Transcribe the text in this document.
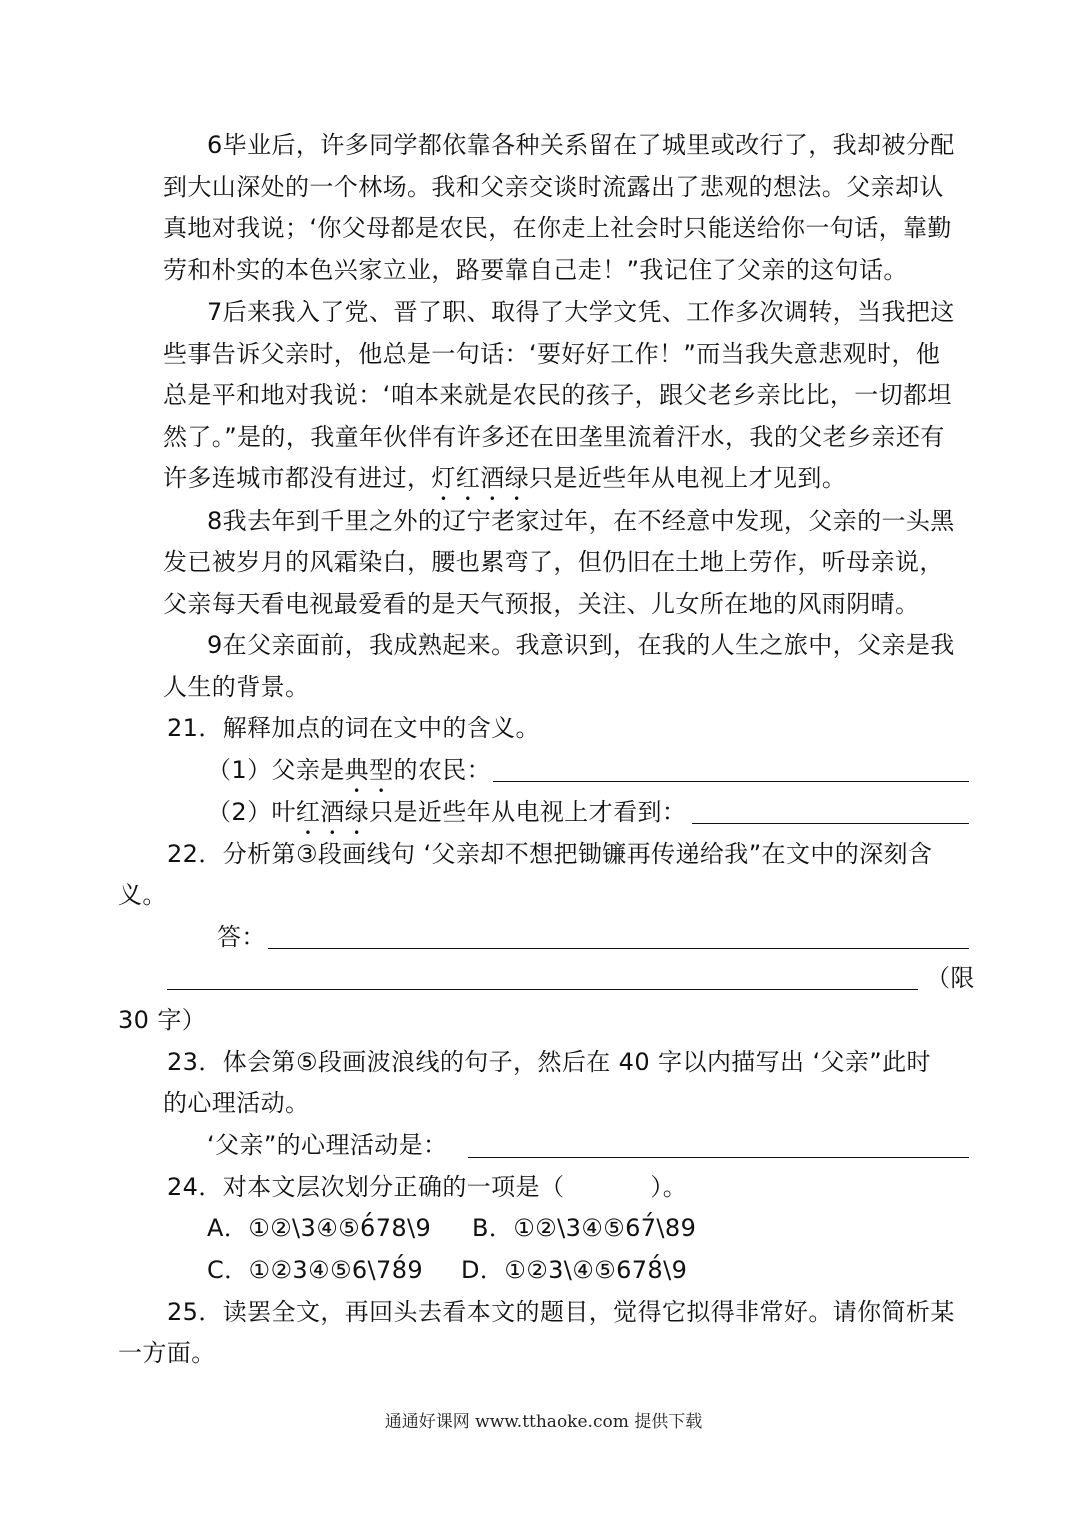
6毕业后，许多同学都依靠各种关系留在了城里或改行了，我却被分配
到大山深处的一个林场。我和父亲交谈时流露出了悲观的想法。父亲却认
真地对我说；‘你父母都是农民，在你走上社会时只能送给你一句话，靠勤
劳和朴实的本色兴家立业，路要靠自己走！”我记住了父亲的这句话。
7后来我入了党、晋了职、取得了大学文凭、工作多次调转，当我把这
些事告诉父亲时，他总是一句话：‘要好好工作！”而当我失意悲观时，他
总是平和地对我说：‘咱本来就是农民的孩子，跟父老乡亲比比，一切都坦
然了。”是的，我童年伙伴有许多还在田垄里流着汗水，我的父老乡亲还有
许多连城市都没有进过，灯红酒绿只是近些年从电视上才见到。
8我去年到千里之外的辽宁老家过年，在不经意中发现，父亲的一头黑
发已被岁月的风霜染白，腰也累弯了，但仍旧在土地上劳作，听母亲说，
父亲每天看电视最爱看的是天气预报，关注、儿女所在地的风雨阴晴。
9在父亲面前，我成熟起来。我意识到，在我的人生之旅中，父亲是我
人生的背景。
21．解释加点的词在文中的含义。
（1）父亲是典型的农民：
（2）叶红酒绿只是近些年从电视上才看到：
22．分析第③段画线句 ‘父亲却不想把锄镰再传递给我”在文中的深刻含
义。
答：
（限
30 字）
23．体会第⑤段画波浪线的句子，然后在 40 字以内描写出 ‘父亲”此时
的心理活动。
‘父亲”的心理活动是：
24．对本文层次划分正确的一项是（	）。
A．①②\3④⑤6́78\9 B．①②\3④⑤67́\89
C．①②3④⑤6\78́9 D．①②3\④⑤678́\9
25．读罢全文，再回头去看本文的题目，觉得它拟得非常好。请你简析某
一方面。
通通好课网 www.tthaoke.com 提供下载
